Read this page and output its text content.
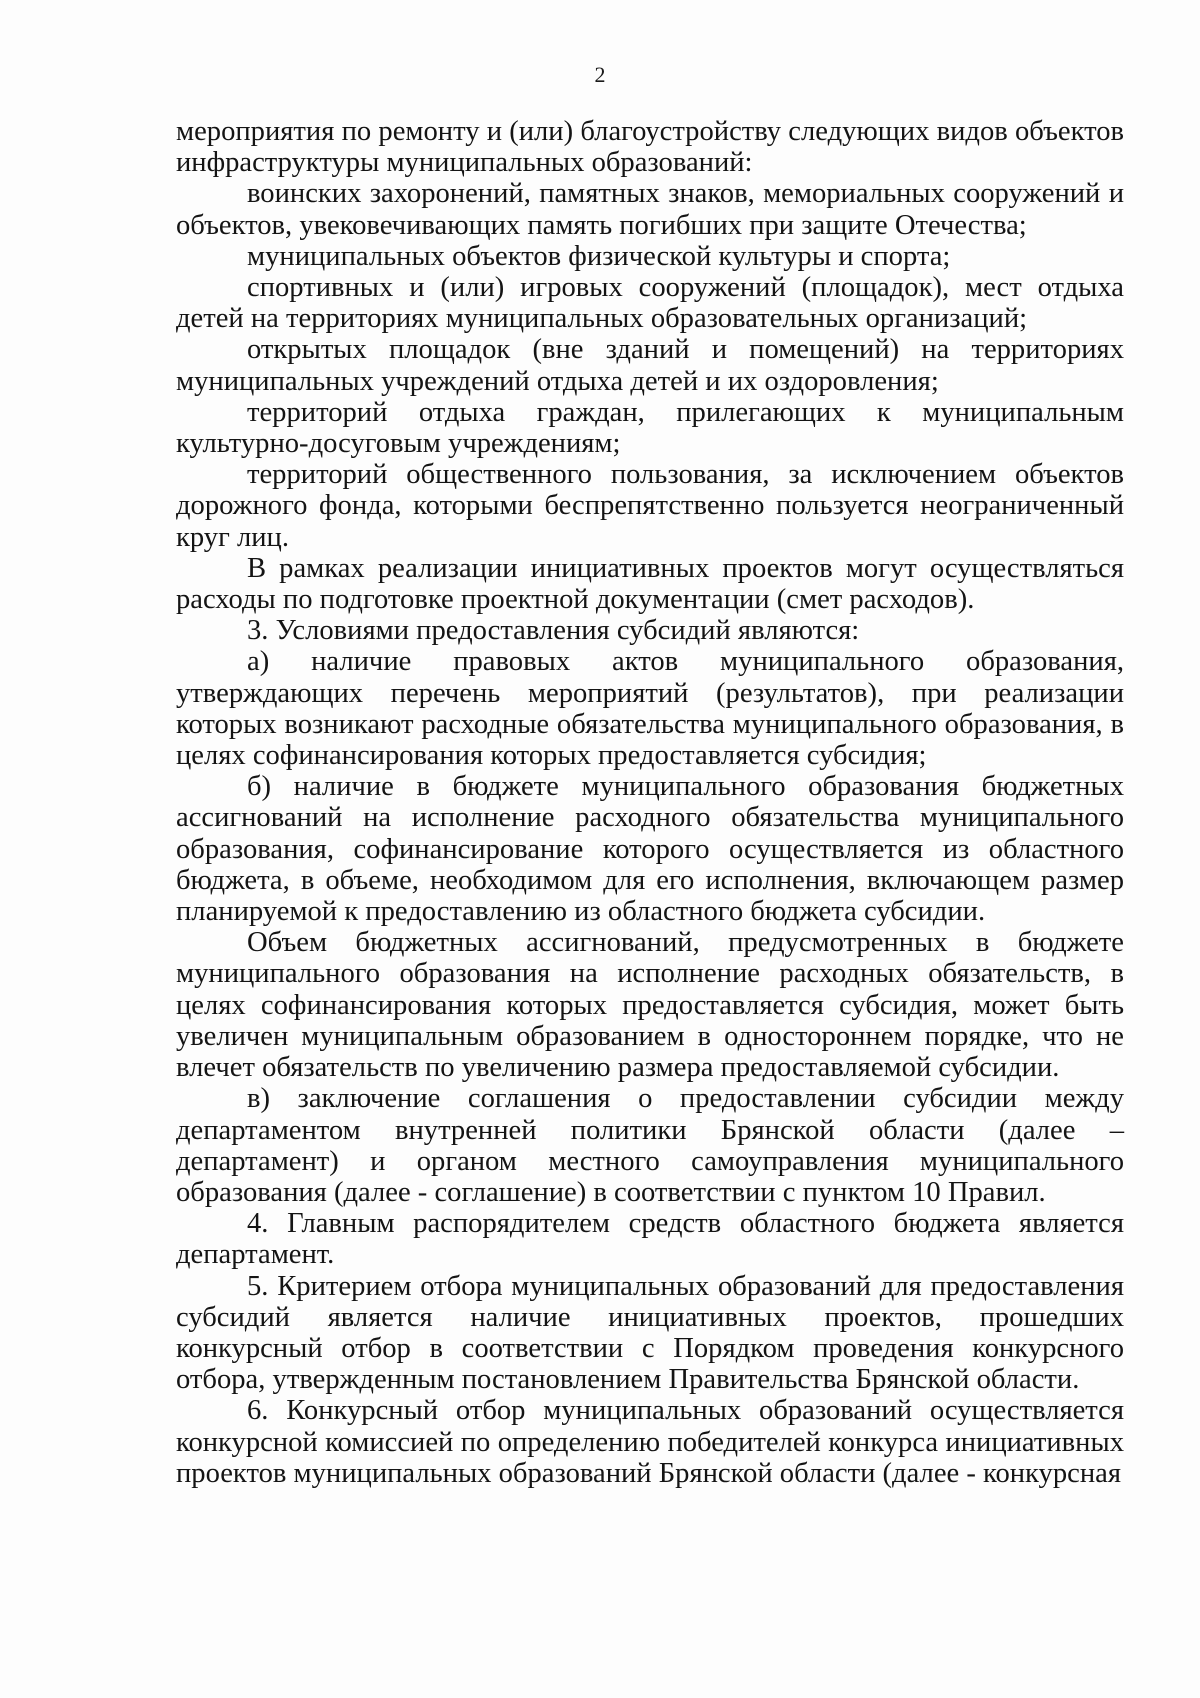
2

мероприятия по ремонту и (или) благоустройству следующих видов объектов инфраструктуры муниципальных образований:

воинских захоронений, памятных знаков, мемориальных сооружений и объектов, увековечивающих память погибших при защите Отечества;

муниципальных объектов физической культуры и спорта;

спортивных и (или) игровых сооружений (площадок), мест отдыха детей на территориях муниципальных образовательных организаций;

открытых площадок (вне зданий и помещений) на территориях муниципальных учреждений отдыха детей и их оздоровления;

территорий отдыха граждан, прилегающих к муниципальным культурно-досуговым учреждениям;

территорий общественного пользования, за исключением объектов дорожного фонда, которыми беспрепятственно пользуется неограниченный круг лиц.

В рамках реализации инициативных проектов могут осуществляться расходы по подготовке проектной документации (смет расходов).

3. Условиями предоставления субсидий являются:

а) наличие правовых актов муниципального образования, утверждающих перечень мероприятий (результатов), при реализации которых возникают расходные обязательства муниципального образования, в целях софинансирования которых предоставляется субсидия;

б) наличие в бюджете муниципального образования бюджетных ассигнований на исполнение расходного обязательства муниципального образования, софинансирование которого осуществляется из областного бюджета, в объеме, необходимом для его исполнения, включающем размер планируемой к предоставлению из областного бюджета субсидии.

Объем бюджетных ассигнований, предусмотренных в бюджете муниципального образования на исполнение расходных обязательств, в целях софинансирования которых предоставляется субсидия, может быть увеличен муниципальным образованием в одностороннем порядке, что не влечет обязательств по увеличению размера предоставляемой субсидии.

в) заключение соглашения о предоставлении субсидии между департаментом внутренней политики Брянской области (далее – департамент) и органом местного самоуправления муниципального образования (далее - соглашение) в соответствии с пунктом 10 Правил.

4. Главным распорядителем средств областного бюджета является департамент.

5. Критерием отбора муниципальных образований для предоставления субсидий является наличие инициативных проектов, прошедших конкурсный отбор в соответствии с Порядком проведения конкурсного отбора, утвержденным постановлением Правительства Брянской области.

6. Конкурсный отбор муниципальных образований осуществляется конкурсной комиссией по определению победителей конкурса инициативных проектов муниципальных образований Брянской области (далее - конкурсная
